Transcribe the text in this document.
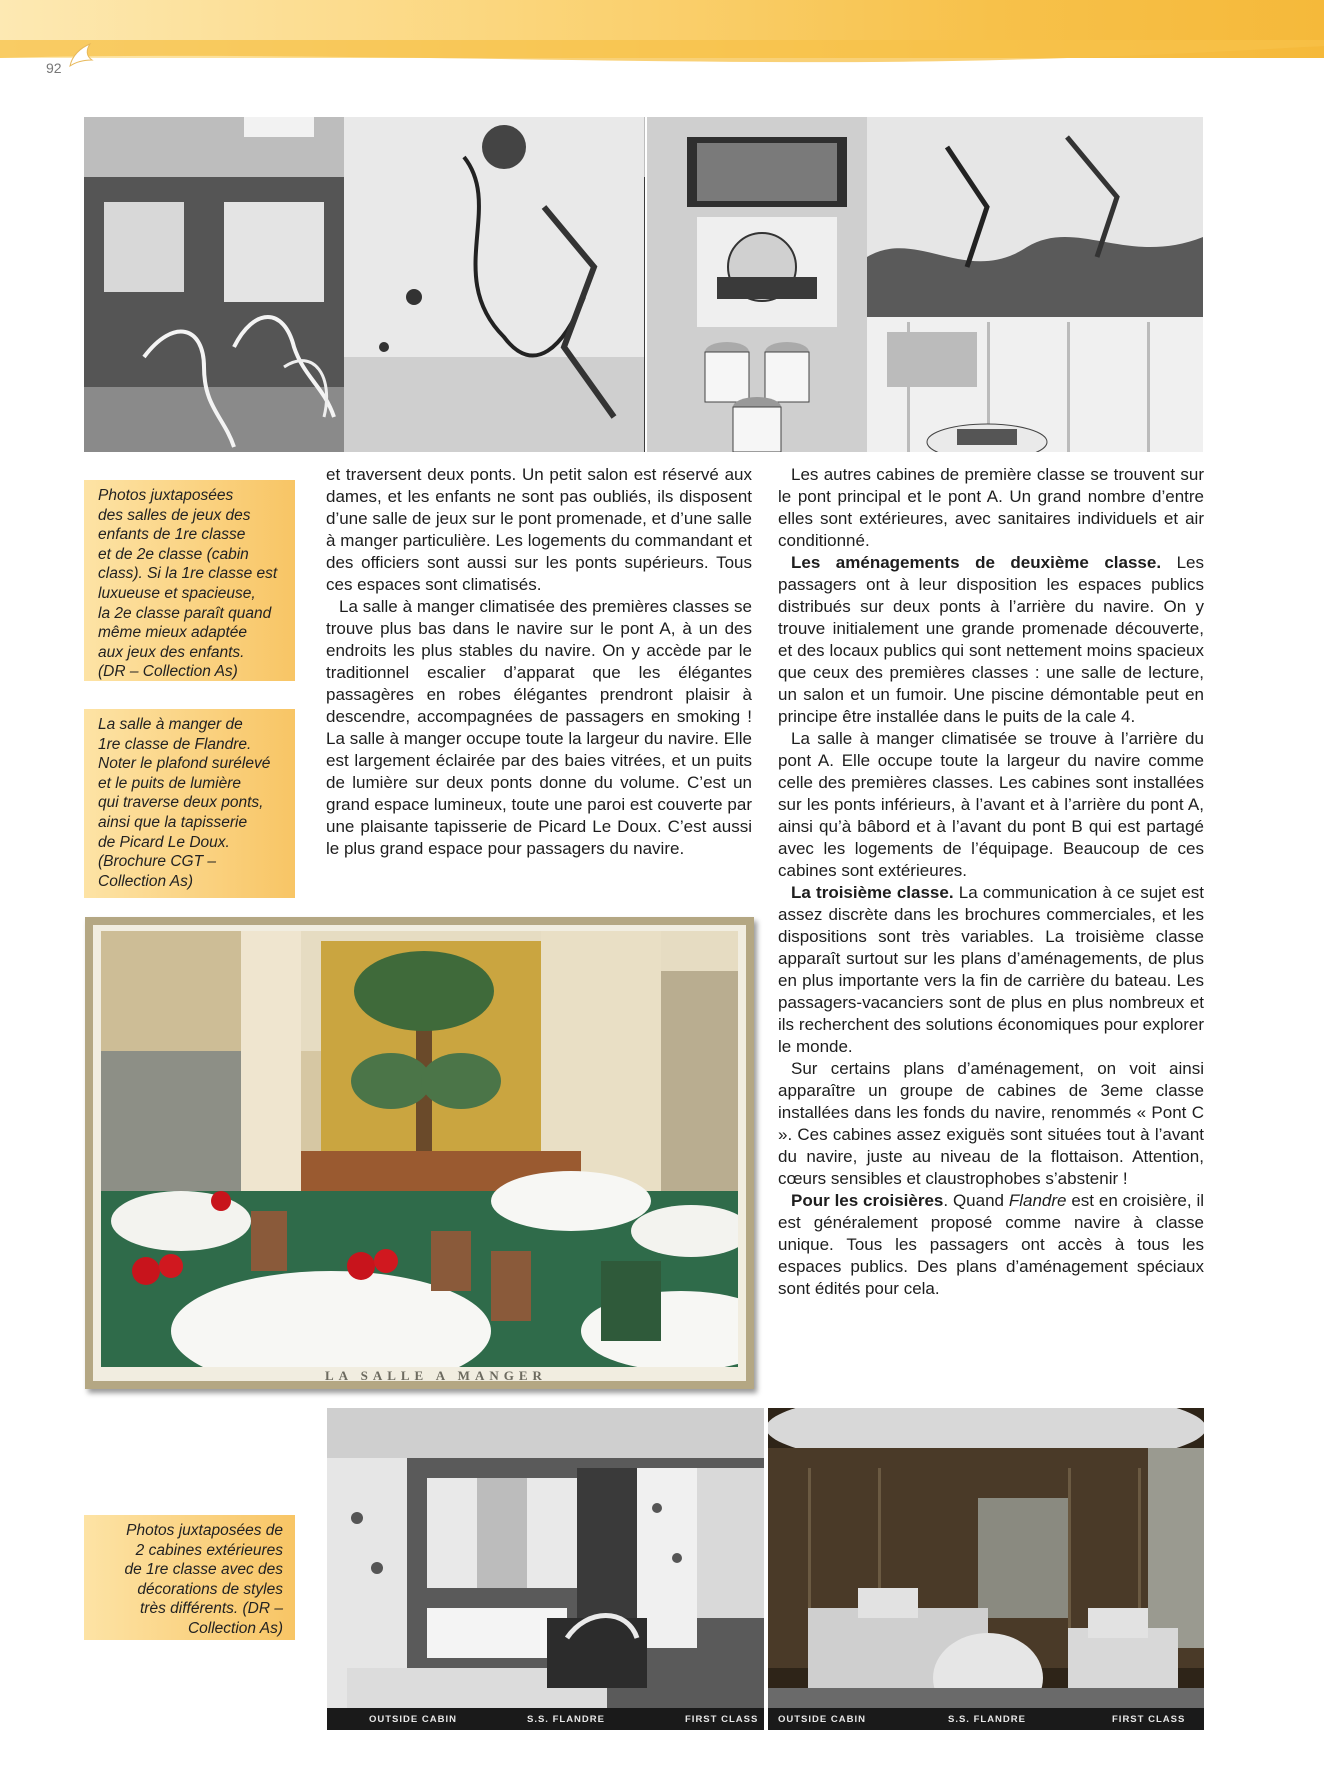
92

Photos juxtaposées

des salles de jeux des

enfants de 1re classe

et de 2e classe (cabin

class). Si la 1re classe est

luxueuse et spacieuse,

la 2e classe paraît quand

même mieux adaptée

aux jeux des enfants.

(DR – Collection As)

La salle à manger de

1re classe de Flandre.

Noter le plafond surélevé

et le puits de lumière

qui traverse deux ponts,

ainsi que la tapisserie

de Picard Le Doux.

(Brochure CGT –

Collection As)

Photos juxtaposées de

2 cabines extérieures

de 1re classe avec des

décorations de styles

très différents. (DR –

Collection As)

et traversent deux ponts. Un petit salon est réservé aux dames, et les enfants ne sont pas oubliés, ils disposent d’une salle de jeux sur le pont promenade, et d’une salle à manger particulière. Les logements du commandant et des officiers sont aussi sur les ponts supérieurs. Tous ces espaces sont climatisés.

La salle à manger climatisée des premières classes se trouve plus bas dans le navire sur le pont A, à un des endroits les plus stables du navire. On y accède par le traditionnel escalier d’apparat que les élégantes passagères en robes élégantes prendront plaisir à descendre, accompagnées de passagers en smoking ! La salle à manger occupe toute la largeur du navire. Elle est largement éclairée par des baies vitrées, et un puits de lumière sur deux ponts donne du volume. C’est un grand espace lumineux, toute une paroi est couverte par une plaisante tapisserie de Picard Le Doux. C’est aussi le plus grand espace pour passagers du navire.

Les autres cabines de première classe se trouvent sur le pont principal et le pont A. Un grand nombre d’entre elles sont extérieures, avec sanitaires individuels et air conditionné.

Les aménagements de deuxième classe. Les passagers ont à leur disposition les espaces publics distribués sur deux ponts à l’arrière du navire. On y trouve initialement une grande promenade découverte, et des locaux publics qui sont nettement moins spacieux que ceux des premières classes : une salle de lecture, un salon et un fumoir. Une piscine démontable peut en principe être installée dans le puits de la cale 4.

La salle à manger climatisée se trouve à l’arrière du pont A. Elle occupe toute la largeur du navire comme celle des premières classes. Les cabines sont installées sur les ponts inférieurs, à l’avant et à l’arrière du pont A, ainsi qu’à bâbord et à l’avant du pont B qui est partagé avec les logements de l’équipage. Beaucoup de ces cabines sont extérieures.

La troisième classe. La communication à ce sujet est assez discrète dans les brochures commerciales, et les dispositions sont très variables. La troisième classe apparaît surtout sur les plans d’aménagements, de plus en plus importante vers la fin de carrière du bateau. Les passagers-vacanciers sont de plus en plus nombreux et ils recherchent des solutions économiques pour explorer le monde.

Sur certains plans d’aménagement, on voit ainsi apparaître un groupe de cabines de 3eme classe installées dans les fonds du navire, renommés « Pont C ». Ces cabines assez exiguës sont situées tout à l’avant du navire, juste au niveau de la flottaison. Attention, cœurs sensibles et claustrophobes s’abstenir !

Pour les croisières. Quand Flandre est en croisière, il est généralement proposé comme navire à classe unique. Tous les passagers ont accès à tous les espaces publics. Des plans d’aménagement spéciaux sont édités pour cela.

LA SALLE A MANGER
OUTSIDE CABIN	S.S. FLANDRE	FIRST CLASS OUTSIDE CABIN	S.S. FLANDRE	FIRST CLASS
